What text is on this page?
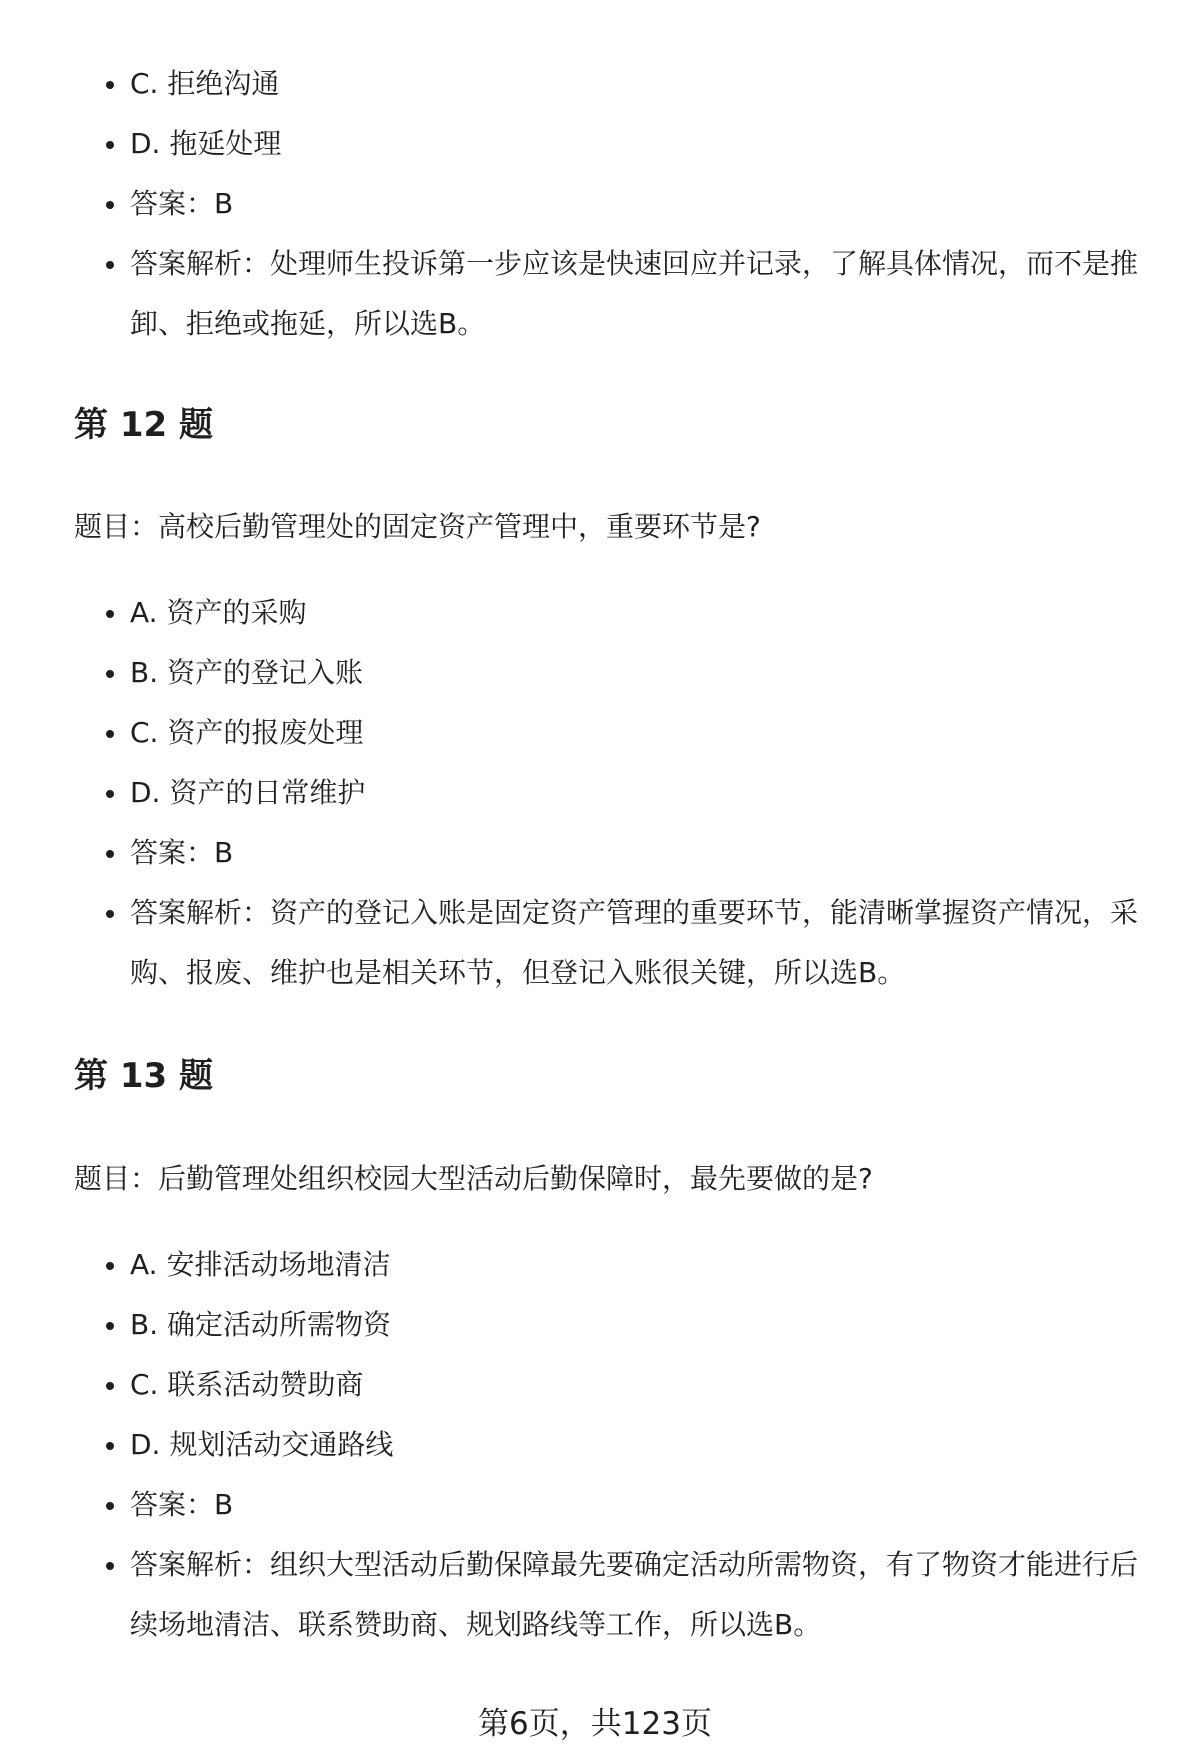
C. 拒绝沟通
D. 拖延处理
答案：B
答案解析：处理师生投诉第一步应该是快速回应并记录，了解具体情况，而不是推卸、拒绝或拖延，所以选B。
第 12 题

题目：高校后勤管理处的固定资产管理中，重要环节是?

A. 资产的采购
B. 资产的登记入账
C. 资产的报废处理
D. 资产的日常维护
答案：B
答案解析：资产的登记入账是固定资产管理的重要环节，能清晰掌握资产情况，采购、报废、维护也是相关环节，但登记入账很关键，所以选B。
第 13 题

题目：后勤管理处组织校园大型活动后勤保障时，最先要做的是?

A. 安排活动场地清洁
B. 确定活动所需物资
C. 联系活动赞助商
D. 规划活动交通路线
答案：B
答案解析：组织大型活动后勤保障最先要确定活动所需物资，有了物资才能进行后续场地清洁、联系赞助商、规划路线等工作，所以选B。
第6页，共123页
